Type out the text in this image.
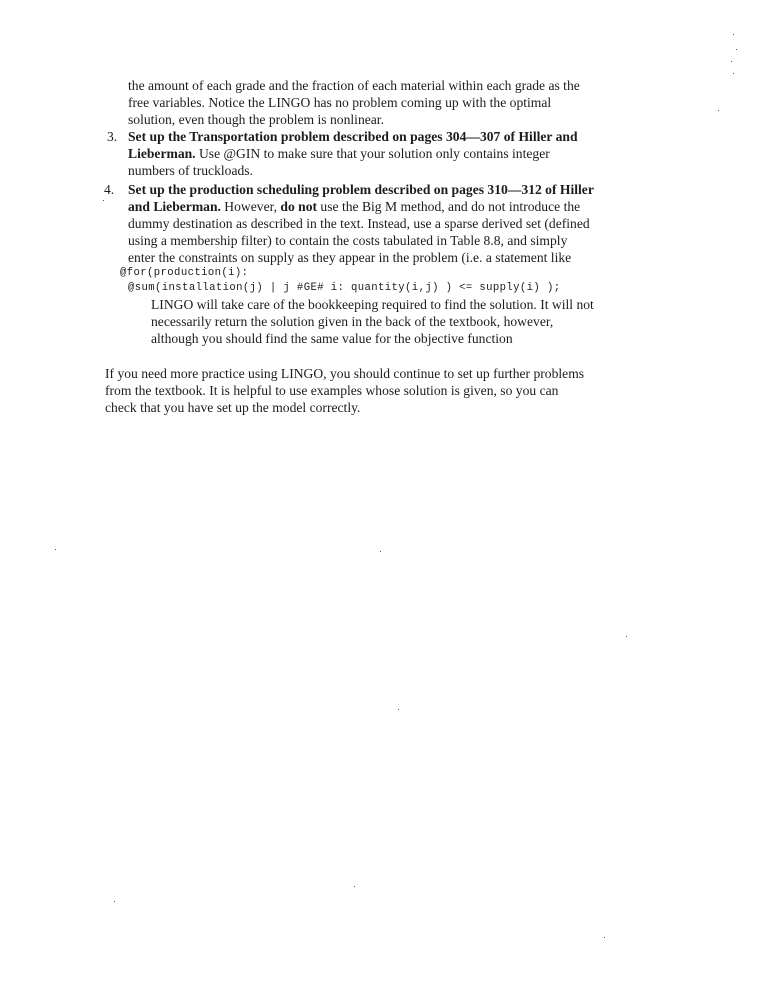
the amount of each grade and the fraction of each material within each grade as the
free variables. Notice the LINGO has no problem coming up with the optimal
solution, even though the problem is nonlinear.
3. Set up the Transportation problem described on pages 304—307 of Hiller and
Lieberman. Use @GIN to make sure that your solution only contains integer
numbers of truckloads.
4. Set up the production scheduling problem described on pages 310—312 of Hiller
and Lieberman. However, do not use the Big M method, and do not introduce the
dummy destination as described in the text. Instead, use a sparse derived set (defined
using a membership filter) to contain the costs tabulated in Table 8.8, and simply
enter the constraints on supply as they appear in the problem (i.e. a statement like
@for(production(i):
@sum(installation(j) | j #GE# i: quantity(i,j) ) <= supply(i) );
LINGO will take care of the bookkeeping required to find the solution. It will not
necessarily return the solution given in the back of the textbook, however,
although you should find the same value for the objective function
If you need more practice using LINGO, you should continue to set up further problems
from the textbook. It is helpful to use examples whose solution is given, so you can
check that you have set up the model correctly.
